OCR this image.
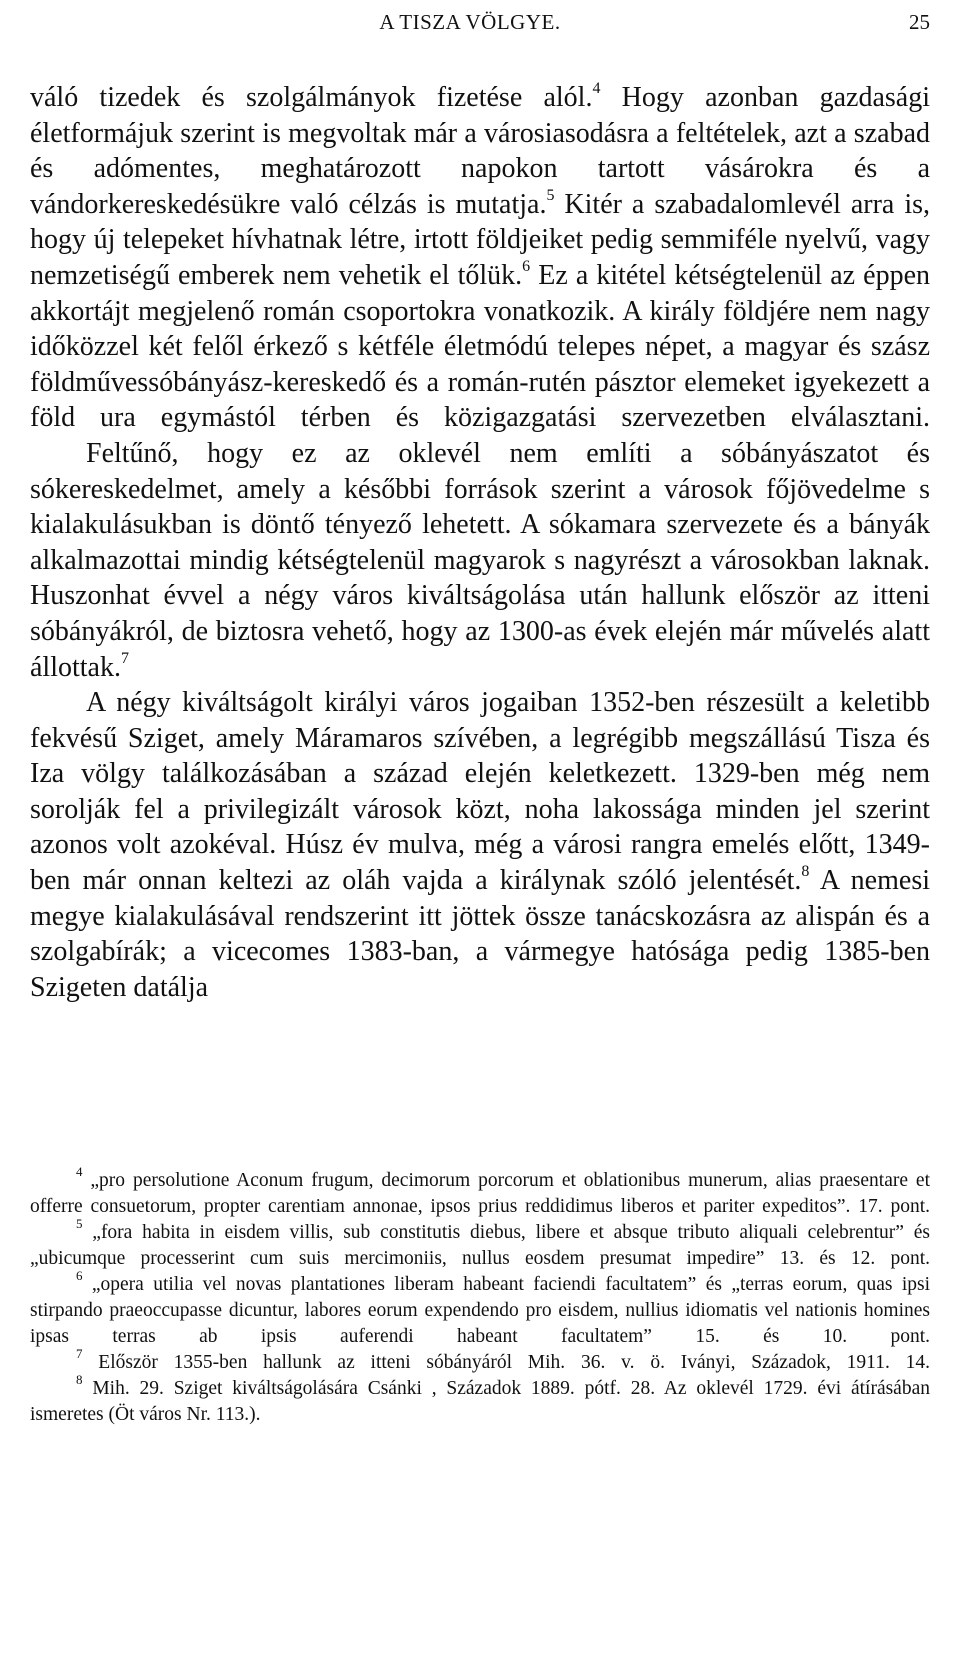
A TISZA VÖLGYE.	25

váló tizedek és szolgálmányok fizetése alól.$^4$ Hogy azonban gazdasági életformájuk szerint is megvoltak már a városiasodásra a feltételek, azt a szabad és adómentes, meghatározott napokon tartott vásárokra és a vándorkereskedésükre való célzás is mutatja.$^5$ Kitér a szabadalomlevél arra is, hogy új telepeket hívhatnak létre, irtott földjeiket pedig semmiféle nyelvű, vagy nemzetiségű emberek nem vehetik el tőlük.$^6$ Ez a kitétel kétségtelenül az éppen akkortájt megjelenő román csoportokra vonatkozik. A király földjére nem nagy időközzel két felől érkező s kétféle életmódú telepes népet, a magyar és szász földművessóbányász-kereskedő és a román-rutén pásztor elemeket igyekezett a föld ura egymástól térben és közigazgatási szervezetben elválasztani.

Feltűnő, hogy ez az oklevél nem említi a sóbányászatot és sókereskedelmet, amely a későbbi források szerint a városok főjövedelme s kialakulásukban is döntő tényező lehetett. A sókamara szervezete és a bányák alkalmazottai mindig kétségtelenül magyarok s nagyrészt a városokban laknak. Huszonhat évvel a négy város kiváltságolása után hallunk először az itteni sóbányákról, de biztosra vehető, hogy az 1300-as évek elején már művelés alatt állottak.$^7$

A négy kiváltságolt királyi város jogaiban 1352-ben részesült a keletibb fekvésű Sziget, amely Máramaros szívében, a legrégibb megszállású Tisza és Iza völgy találkozásában a század elején keletkezett. 1329-ben még nem sorolják fel a privilegizált városok közt, noha lakossága minden jel szerint azonos volt azokéval. Húsz év mulva, még a városi rangra emelés előtt, 1349-ben már onnan keltezi az oláh vajda a királynak szóló jelentését.$^8$ A nemesi megye kialakulásával rendszerint itt jöttek össze tanácskozásra az alispán és a szolgabírák; a vicecomes 1383-ban, a vármegye hatósága pedig 1385-ben Szigeten datálja

$^4$ „pro persolutione Aconum frugum, decimorum porcorum et oblationibus munerum, alias praesentare et offerre consuetorum, propter carentiam annonae, ipsos prius reddidimus liberos et pariter expeditos”. 17. pont.

$^5$ „fora habita in eisdem villis, sub constitutis diebus, libere et absque tributo aliquali celebrentur” és „ubicumque processerint cum suis mercimoniis, nullus eosdem presumat impedire” 13. és 12. pont.

$^6$ „opera utilia vel novas plantationes liberam habeant faciendi facultatem” és „terras eorum, quas ipsi stirpando praeoccupasse dicuntur, labores eorum expendendo pro eisdem, nullius idiomatis vel nationis homines ipsas terras ab ipsis auferendi habeant facultatem” 15. és 10. pont.

$^7$ Először 1355-ben hallunk az itteni sóbányáról Mih. 36. v. ö. Iványi, Századok, 1911. 14.

$^8$ Mih. 29. Sziget kiváltságolására Csánki , Századok 1889. pótf. 28. Az oklevél 1729. évi átírásában ismeretes (Öt város Nr. 113.).
